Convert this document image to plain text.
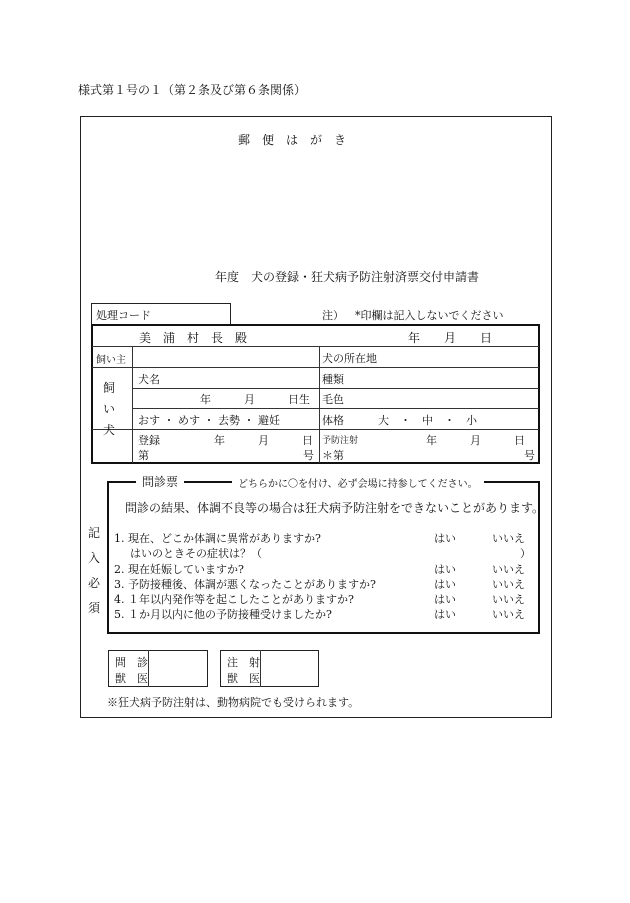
様式第１号の１（第２条及び第６条関係）
郵　便　は　が　き
年度　犬の登録・狂犬病予防注射済票交付申請書
処理コード	注） *印欄は記入しないでください
美　浦　村　長　殿	年　　月　　日
飼い主	犬の所在地
飼い犬
犬名	種類
年　　　月　　　日生 毛色
おす ・ めす ・ 去勢 ・ 避妊	体格	大　・　中　・　小
登録	年　　　月　　　日
第	号
予防注射	年　　　月　　　日
＊第	号
記入必須
問診票	どちらかに〇を付け、必ず会場に持参してください。
問診の結果、体調不良等の場合は狂犬病予防注射をできないことがあります。
1. 現在、どこか体調に異常がありますか?	はい	いいえ
はいのときその症状は？（	）
2. 現在妊娠していますか?	はい	いいえ
3. 予防接種後、体調が悪くなったことがありますか?	はい	いいえ
4. １年以内発作等を起こしたことがありますか?	はい	いいえ
5. １か月以内に他の予防接種受けましたか?	はい	いいえ
問　診
獣　医
注　射
獣　医
※狂犬病予防注射は、動物病院でも受けられます。
